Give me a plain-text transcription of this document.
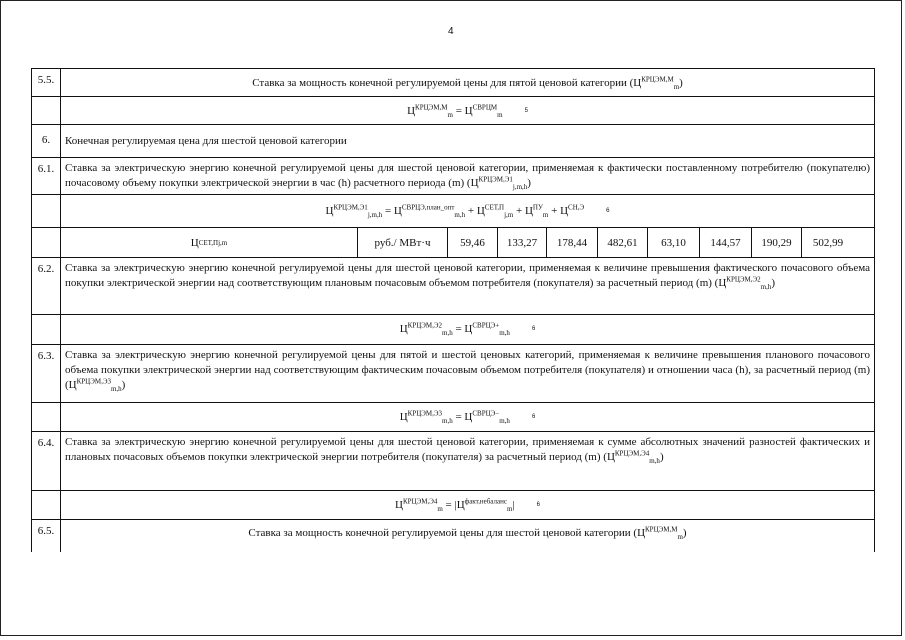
4
5.5.	Ставка за мощность конечной регулируемой цены для пятой ценовой категории $(Ц^{КРЦЭМ,М}_m)$
$Ц^{КРЦЭМ,М}_m = Ц^{СВРЦМ}_m5$
6.	Конечная регулируемая цена для шестой ценовой категории
6.1. Ставка за электрическую энергию конечной регулируемой цены для шестой ценовой категории, применяемая к фактически поставленному потребителю (покупателю) почасовому объему покупки электрической энергии в час (h) расчетного периода (m) $(Ц^{КРЦЭМ,Э1}_{j,m,h})$
$Ц^{КРЦЭМ,Э1}_{j,m,h} = Ц^{СВРЦЭ,план\_опт}_{m,h} + Ц^{СЕТ,П}_{j,m} + Ц^{ПУ}_m + Ц^{СН,Э}$	6
Ц СЕТ,П j,m	руб./ МВт·ч	59,46	133,27	178,44	482,61	63,10	144,57	190,29	502,99
6.2. Ставка за электрическую энергию конечной регулируемой цены для шестой ценовой категории, применяемая к величине превышения фактического почасового объема покупки электрической энергии над соответствующим плановым почасовым объемом потребителя (покупателя) за расчетный период (m) $(Ц^{КРЦЭМ,Э2}_{m,h})$
$Ц^{КРЦЭМ,Э2}_{m,h} = Ц^{СВРЦЭ+}_{m,h}6$
6.3. Ставка за электрическую энергию конечной регулируемой цены для пятой и шестой ценовых категорий, применяемая к величине превышения планового почасового объема покупки электрической энергии над соответствующим фактическим почасовым объемом потребителя (покупателя) и отношении часа (h), за расчетный период (m) $(Ц^{КРЦЭМ,Э3}_{m,h})$
$Ц^{КРЦЭМ,Э3}_{m,h} = Ц^{СВРЦЭ-}_{m,h}6$
6.4. Ставка за электрическую энергию конечной регулируемой цены для шестой ценовой категории, применяемая к сумме абсолютных значений разностей фактических и плановых почасовых объемов покупки электрической энергии потребителя (покупателя) за расчетный период (m) $(Ц^{КРЦЭМ,Э4}_{m,h})$
$Ц^{КРЦЭМ,Э4}_m = |Ц^{факт,небаланс}_m|$	6
6.5.	Ставка за мощность конечной регулируемой цены для шестой ценовой категории $(Ц^{КРЦЭМ,М}_m)$
